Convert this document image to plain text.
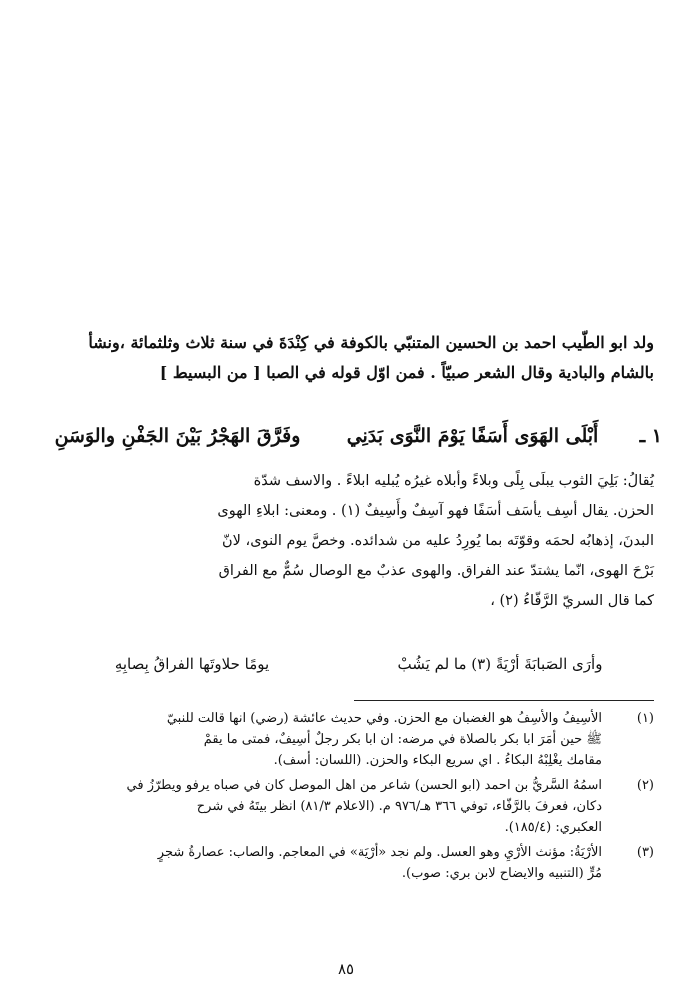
ولد ابو الطّيب احمد بن الحسين المتنبّي بالكوفة في كِنْدَةَ في سنة ثلاث وثلثمائة ،ونشأ

بالشام والبادية وقال الشعر صبيّاً . فمن اوّل قوله في الصبا [ من البسيط ]

١ ـ
أَبْلَى الهَوَى أَسَفًا يَوْمَ النَّوَى بَدَنِي
وفَرَّقَ الهَجْرُ بَيْنَ الجَفْنِ والوَسَنِ

يُقالُ: بَلِيَ الثوب يبلَى بِلًى وبلاءً وأبلاه غيرُه يُبليه ابلاءً . والاسف شدّة

الحزن. يقال أسِف يأسَف أسَفًا فهو آسِفٌ وأَسِيفٌ (١) . ومعنى: ابلاءِ الهوى

البدنَ، إذهابُه لحمَه وقوّتَه بما يُورِدُ عليه من شدائده. وخصَّ يوم النوى، لانّ

بَرْحَ الهوى، انّما يشتدّ عند الفراق. والهوى عذبٌ مع الوصال سُمٌّ مع الفراق

كما قال السريّ الرَّفّاءُ (٢) ،

وأرَى الصَبابَةَ أرْيَةً (٣) ما لم يَشُبْ
يومًا حلاوتَها الفراقُ بِصابِهِ
(١)
الأسِيفُ والأسِفُ هو الغضبان مع الحزن. وفي حديث عائشة (رضي) انها قالت للنبيّ
ﷺ حين أمَرَ ابا بكر بالصلاة في مرضه: ان ابا بكر رجلٌ أسِيفٌ، فمتى ما يقمْ
مقامك يغْلِبْهُ البكاءُ . اي سريع البكاء والحزن. (اللسان: أسف).
(٢)
اسمُهُ السَّريُّ بن احمد (ابو الحسن) شاعر من اهل الموصل كان في صباه يرفو ويطرّزُ في
دكان، فعرفَ بالرَّفّاء، توفي ٣٦٦ هـ/٩٧٦ م. (الاعلام ٨١/٣) انظر بيتَهُ في شرح
العكبري: (١٨٥/٤).
(٣)
الأرْيَةُ: مؤنث الأرْيِ وهو العسل. ولم نجد «أرْيَة» في المعاجم. والصاب: عصارةُ شجرٍ
مُرٍّ (التنبيه والايضاح لابن بري: صوب).
٨٥
